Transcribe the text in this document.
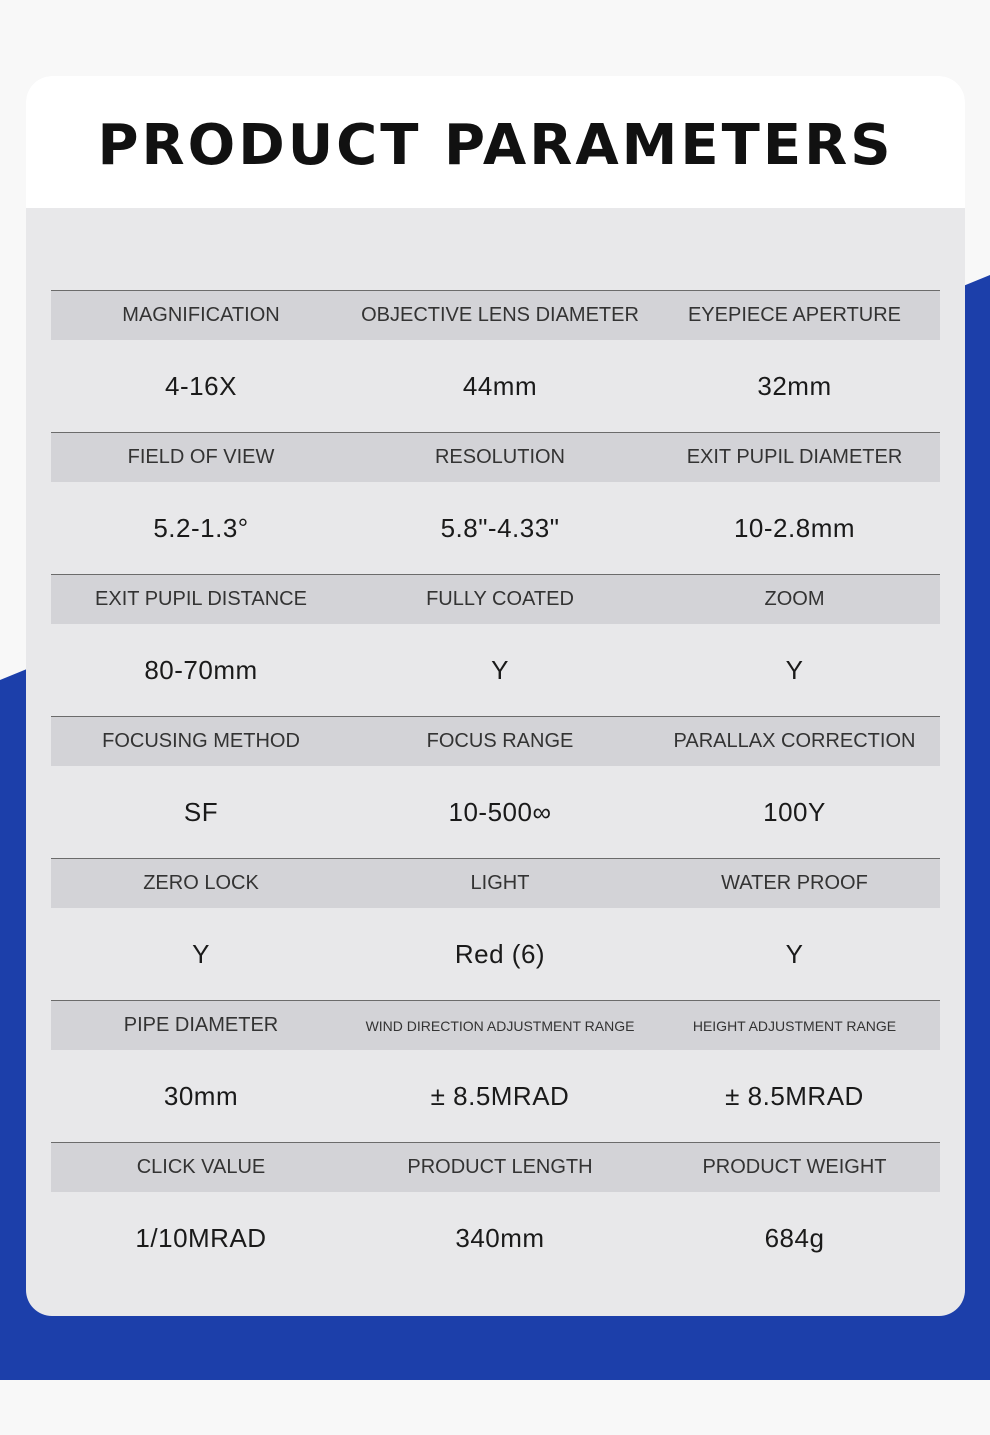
PRODUCT PARAMETERS
MAGNIFICATION	OBJECTIVE LENS DIAMETER	EYEPIECE APERTURE
4-16X	44mm	32mm
FIELD OF VIEW	RESOLUTION	EXIT PUPIL DIAMETER
5.2-1.3°	5.8"-4.33"	10-2.8mm
EXIT PUPIL DISTANCE	FULLY COATED	ZOOM
80-70mm	Y	Y
FOCUSING METHOD	FOCUS RANGE	PARALLAX CORRECTION
SF	10-500∞	100Y
ZERO LOCK	LIGHT	WATER PROOF
Y	Red (6)	Y
PIPE DIAMETER	WIND DIRECTION ADJUSTMENT RANGE	HEIGHT ADJUSTMENT RANGE
30mm	± 8.5MRAD	± 8.5MRAD
CLICK VALUE	PRODUCT LENGTH	PRODUCT WEIGHT
1/10MRAD	340mm	684g
